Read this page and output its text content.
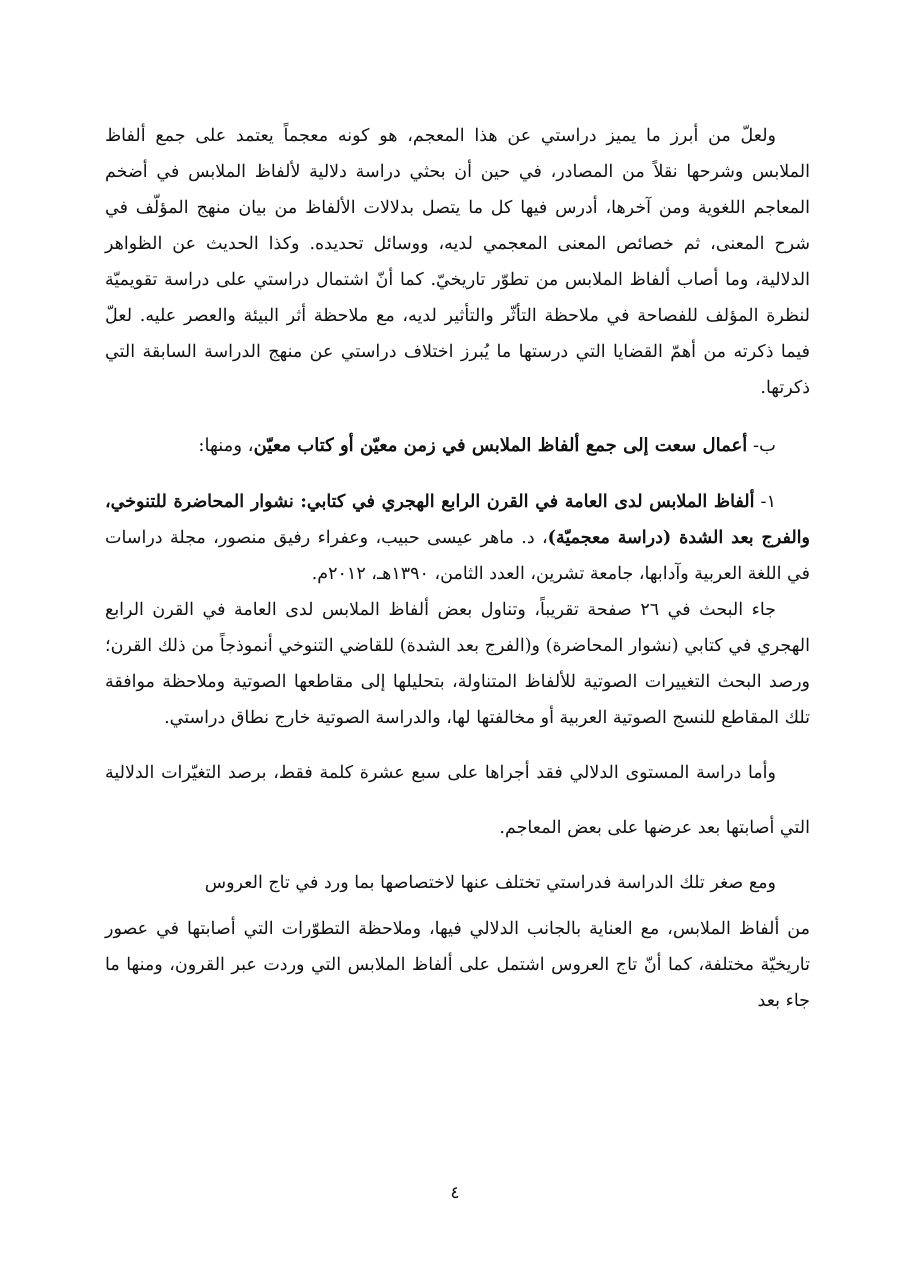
ولعلّ من أبرز ما يميز دراستي عن هذا المعجم، هو كونه معجماً يعتمد على جمع ألفاظ الملابس وشرحها نقلاً من المصادر، في حين أن بحثي دراسة دلالية لألفاظ الملابس في أضخم المعاجم اللغوية ومن آخرها، أدرس فيها كل ما يتصل بدلالات الألفاظ من بيان منهج المؤلّف في شرح المعنى، ثم خصائص المعنى المعجمي لديه، ووسائل تحديده. وكذا الحديث عن الظواهر الدلالية، وما أصاب ألفاظ الملابس من تطوّر تاريخيّ. كما أنّ اشتمال دراستي على دراسة تقويميّة لنظرة المؤلف للفصاحة في ملاحظة التأثّر والتأثير لديه، مع ملاحظة أثر البيئة والعصر عليه. لعلّ فيما ذكرته من أهمّ القضايا التي درستها ما يُبرز اختلاف دراستي عن منهج الدراسة السابقة التي ذكرتها.

ب- أعمال سعت إلى جمع ألفاظ الملابس في زمن معيّن أو كتاب معيّن، ومنها:

١- ألفاظ الملابس لدى العامة في القرن الرابع الهجري في كتابي: نشوار المحاضرة للتنوخي، والفرج بعد الشدة (دراسة معجميّة)، د. ماهر عيسى حبيب، وعفراء رفيق منصور، مجلة دراسات في اللغة العربية وآدابها، جامعة تشرين، العدد الثامن، ١٣٩٠هـ، ٢٠١٢م.

جاء البحث في ٢٦ صفحة تقريباً، وتناول بعض ألفاظ الملابس لدى العامة في القرن الرابع الهجري في كتابي (نشوار المحاضرة) و(الفرج بعد الشدة) للقاضي التنوخي أنموذجاً من ذلك القرن؛ ورصد البحث التغييرات الصوتية للألفاظ المتناولة، بتحليلها إلى مقاطعها الصوتية وملاحظة موافقة تلك المقاطع للنسج الصوتية العربية أو مخالفتها لها، والدراسة الصوتية خارج نطاق دراستي.

وأما دراسة المستوى الدلالي فقد أجراها على سبع عشرة كلمة فقط، برصد التغيّرات الدلالية التي أصابتها بعد عرضها على بعض المعاجم.

ومع صغر تلك الدراسة فدراستي تختلف عنها لاختصاصها بما ورد في تاج العروس

من ألفاظ الملابس، مع العناية بالجانب الدلالي فيها، وملاحظة التطوّرات التي أصابتها في عصور تاريخيّة مختلفة، كما أنّ تاج العروس اشتمل على ألفاظ الملابس التي وردت عبر القرون، ومنها ما جاء بعد

٤
